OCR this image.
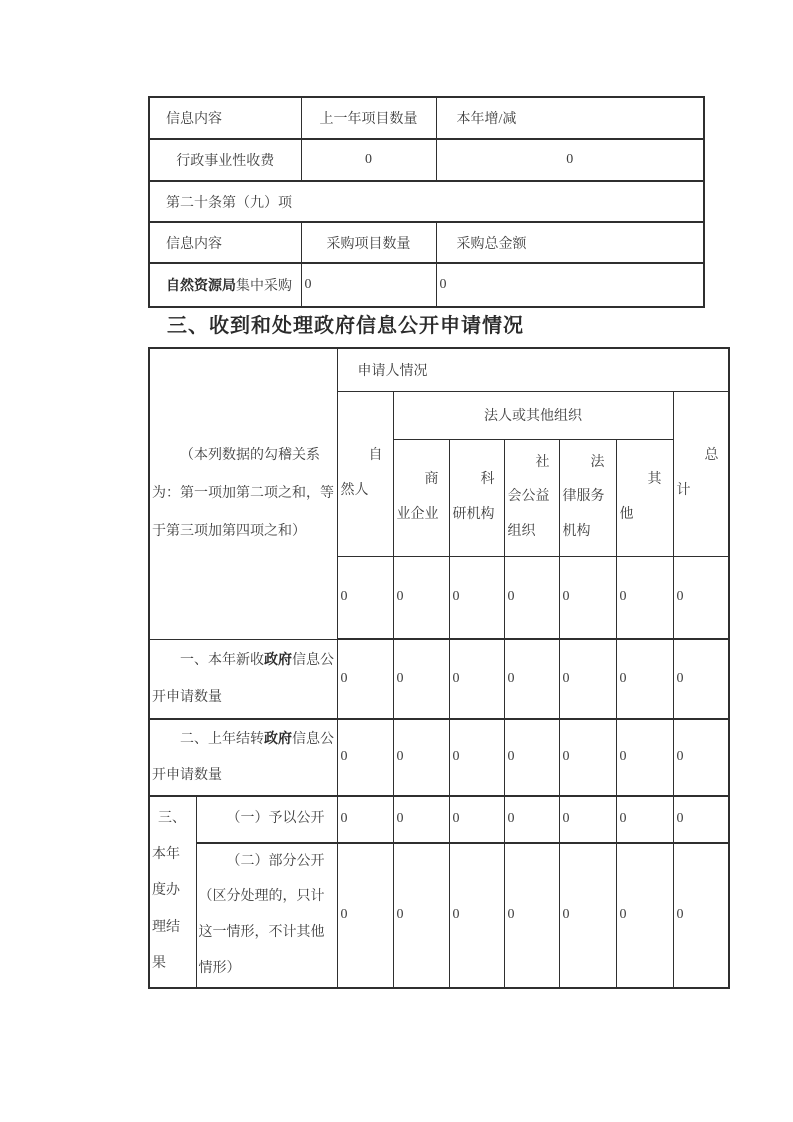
信息内容	上一年项目数量	本年增/减
行政事业性收费	0	0
第二十条第（九）项		
信息内容	采购项目数量	采购总金额
自然资源局集中采购	0	0
三、收到和处理政府信息公开申请情况
（本列数据的勾稽关系为：第一项加第二项之和，等于第三项加第四项之和）		申请人情况						
		自然人	法人或其他组织					总计
			商业企业	科研机构	社会公益组织	法律服务机构	其他	
		0	0	0	0	0	0	0
一、本年新收政府信息公开申请数量		0	0	0	0	0	0	0
二、上年结转政府信息公开申请数量		0	0	0	0	0	0	0
三、本年度办理结果	（一）予以公开	0	0	0	0	0	0	0
	（二）部分公开（区分处理的，只计这一情形，不计其他情形）	0	0	0	0	0	0	0
